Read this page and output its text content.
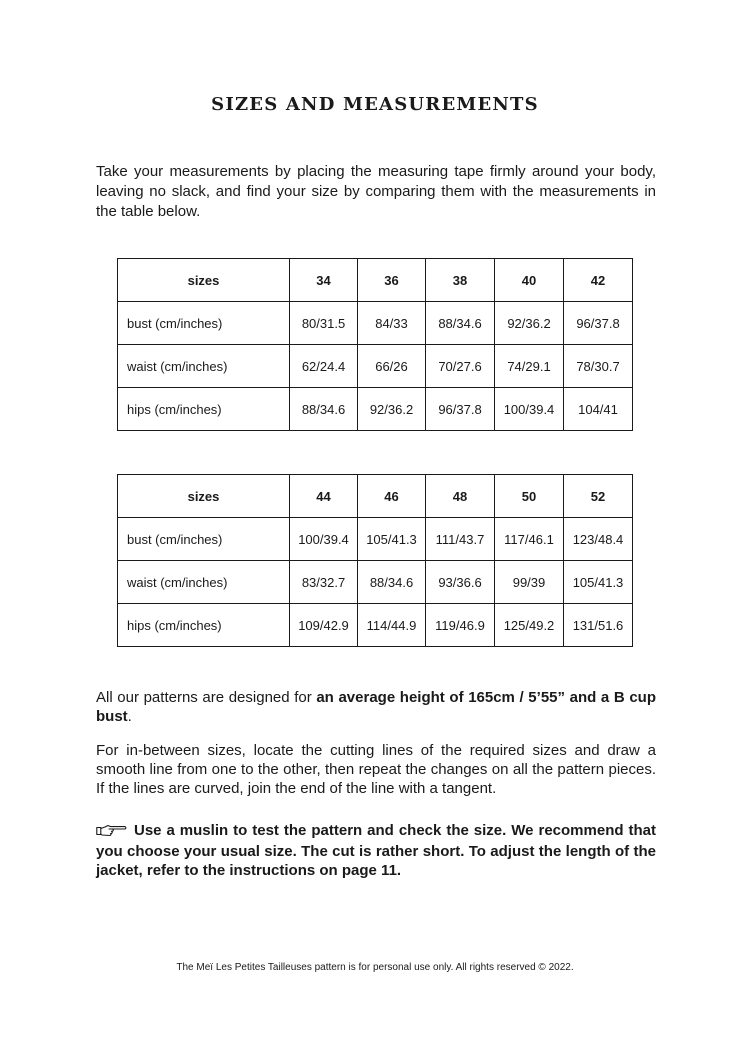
SIZES AND MEASUREMENTS
Take your measurements by placing the measuring tape firmly around your body, leaving no slack, and find your size by comparing them with the measurements in the table below.
sizes	34	36	38	40	42
bust (cm/inches)	80/31.5	84/33	88/34.6	92/36.2	96/37.8
waist (cm/inches)	62/24.4	66/26	70/27.6	74/29.1	78/30.7
hips (cm/inches)	88/34.6	92/36.2	96/37.8	100/39.4	104/41
sizes	44	46	48	50	52
bust (cm/inches)	100/39.4	105/41.3	111/43.7	117/46.1	123/48.4
waist (cm/inches)	83/32.7	88/34.6	93/36.6	99/39	105/41.3
hips (cm/inches)	109/42.9	114/44.9	119/46.9	125/49.2	131/51.6
All our patterns are designed for an average height of 165cm / 5’55” and a B cup bust.
For in-between sizes, locate the cutting lines of the required sizes and draw a smooth line from one to the other, then repeat the changes on all the pattern pieces. If the lines are curved, join the end of the line with a tangent.
Use a muslin to test the pattern and check the size. We recommend that you choose your usual size. The cut is rather short. To adjust the length of the jacket, refer to the instructions on page 11.
The Meï Les Petites Tailleuses pattern is for personal use only. All rights reserved © 2022.
